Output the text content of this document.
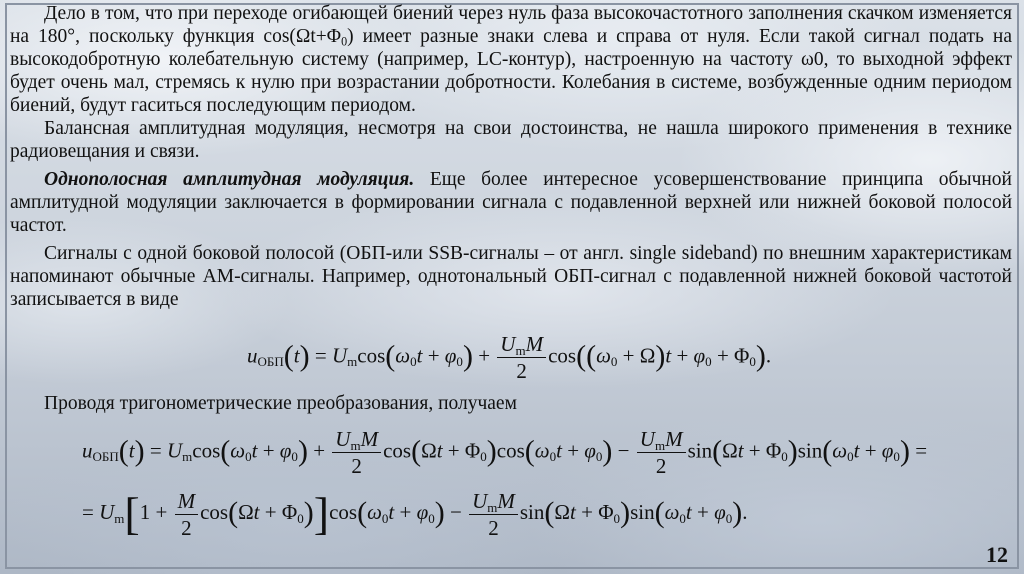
Дело в том, что при переходе огибающей биений через нуль фаза высокочастотного заполнения скачком изменяется на 180°, поскольку функция $\cos(\Omega t+\Phi_0)$ имеет разные знаки слева и справа от нуля. Если такой сигнал подать на высокодобротную колебательную систему (например, LC-контур), настроенную на частоту ω0, то выходной эффект будет очень мал, стремясь к нулю при возрастании добротности. Колебания в системе, возбужденные одним периодом биений, будут гаситься последующим периодом.

Балансная амплитудная модуляция, несмотря на свои достоинства, не нашла широкого применения в технике радиовещания и связи.

Однополосная амплитудная модуляция. Еще более интересное усовершенствование принципа обычной амплитудной модуляции заключается в формировании сигнала с подавленной верхней или нижней боковой полосой частот.

Сигналы с одной боковой полосой (ОБП-или SSB-сигналы – от англ. single sideband) по внешним характеристикам напоминают обычные АМ-сигналы. Например, однотональный ОБП-сигнал с подавленной нижней боковой частотой записывается в виде

$u_{ОБП}(t) = U_m\cos(\omega_0t + \varphi_0) + \frac{U_mM}{2} \cos((\omega_0 + \Omega)t + \varphi_0 + \Phi_0)$.

Проводя тригонометрические преобразования, получаем

$u_{ОБП}(t) = U_m\cos(\omega_0t + \varphi_0) + \frac{U_mM}{2} \cos(\Omega t + \Phi_0)\cos(\omega_0t + \varphi_0) - \frac{U_mM}{2} \sin(\Omega t + \Phi_0)\sin(\omega_0t + \varphi_0)$ =
= $U_m[1 + \frac{M}{2} \cos(\Omega t + \Phi_0)]\cos(\omega_0t + \varphi_0) - \frac{U_mM}{2} \sin(\Omega t + \Phi_0)\sin(\omega_0t + \varphi_0)$.
12
